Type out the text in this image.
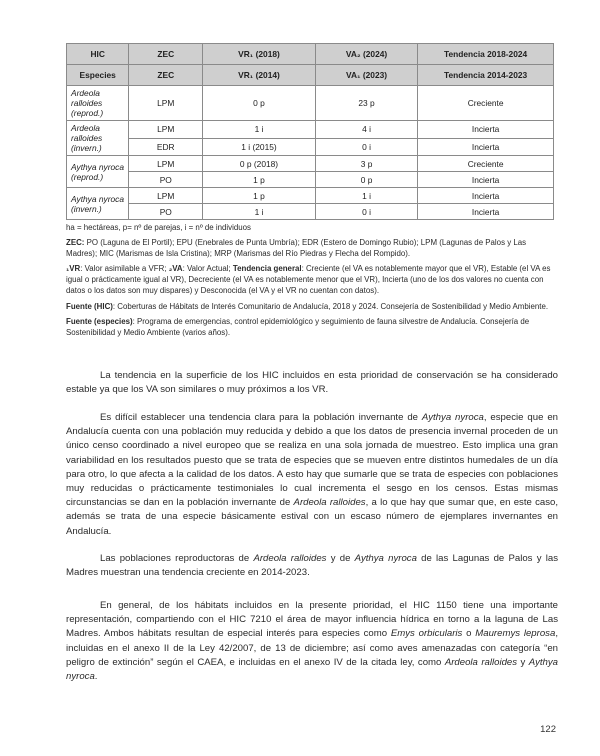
HIC	ZEC	VR₁ (2018)	VA₂ (2024)	Tendencia 2018-2024
Especies	ZEC	VR₁ (2014)	VA₁ (2023)	Tendencia 2014-2023
Ardeola ralloides (reprod.)	LPM	0 p	23 p	Creciente
Ardeola ralloides (invern.)	LPM	1 i	4 i	Incierta
	EDR	1 i (2015)	0 i	Incierta
Aythya nyroca (reprod.)	LPM	0 p (2018)	3 p	Creciente
	PO	1 p	0 p	Incierta
Aythya nyroca (invern.)	LPM	1 p	1 i	Incierta
	PO	1 i	0 i	Incierta

ha = hectáreas, p= nº de parejas, i = nº de individuos

ZEC: PO (Laguna de El Portil); EPU (Enebrales de Punta Umbría); EDR (Estero de Domingo Rubio); LPM (Lagunas de Palos y Las Madres); MIC (Marismas de Isla Cristina); MRP (Marismas del Río Piedras y Flecha del Rompido).

₁VR: Valor asimilable a VFR; ₂VA: Valor Actual; Tendencia general: Creciente (el VA es notablemente mayor que el VR), Estable (el VA es igual o prácticamente igual al VR), Decreciente (el VA es notablemente menor que el VR), Incierta (uno de los dos valores no cuenta con datos o los datos son muy dispares) y Desconocida (el VA y el VR no cuentan con datos).

Fuente (HIC): Coberturas de Hábitats de Interés Comunitario de Andalucía, 2018 y 2024. Consejería de Sostenibilidad y Medio Ambiente.

Fuente (especies): Programa de emergencias, control epidemiológico y seguimiento de fauna silvestre de Andalucía. Consejería de Sostenibilidad y Medio Ambiente (varios años).

La tendencia en la superficie de los HIC incluidos en esta prioridad de conservación se ha considerado estable ya que los VA son similares o muy próximos a los VR.

Es difícil establecer una tendencia clara para la población invernante de Aythya nyroca, especie que en Andalucía cuenta con una población muy reducida y debido a que los datos de presencia invernal proceden de un único censo coordinado a nivel europeo que se realiza en una sola jornada de muestreo. Esto implica una gran variabilidad en los resultados puesto que se trata de especies que se mueven entre distintos humedales de un día para otro, lo que afecta a la calidad de los datos. A esto hay que sumarle que se trata de especies con poblaciones muy reducidas o prácticamente testimoniales lo cual incrementa el sesgo en los censos. Estas mismas circunstancias se dan en la población invernante de Ardeola ralloides, a lo que hay que sumar que, en este caso, además se trata de una especie básicamente estival con un escaso número de ejemplares invernantes en Andalucía.

Las poblaciones reproductoras de Ardeola ralloides y de Aythya nyroca de las Lagunas de Palos y las Madres muestran una tendencia creciente en 2014-2023.

En general, de los hábitats incluidos en la presente prioridad, el HIC 1150 tiene una importante representación, compartiendo con el HIC 7210 el área de mayor influencia hídrica en torno a la laguna de Las Madres. Ambos hábitats resultan de especial interés para especies como Emys orbicularis o Mauremys leprosa, incluidas en el anexo II de la Ley 42/2007, de 13 de diciembre; así como aves amenazadas con categoría “en peligro de extinción” según el CAEA, e incluidas en el anexo IV de la citada ley, como Ardeola ralloides y Aythya nyroca.

122
